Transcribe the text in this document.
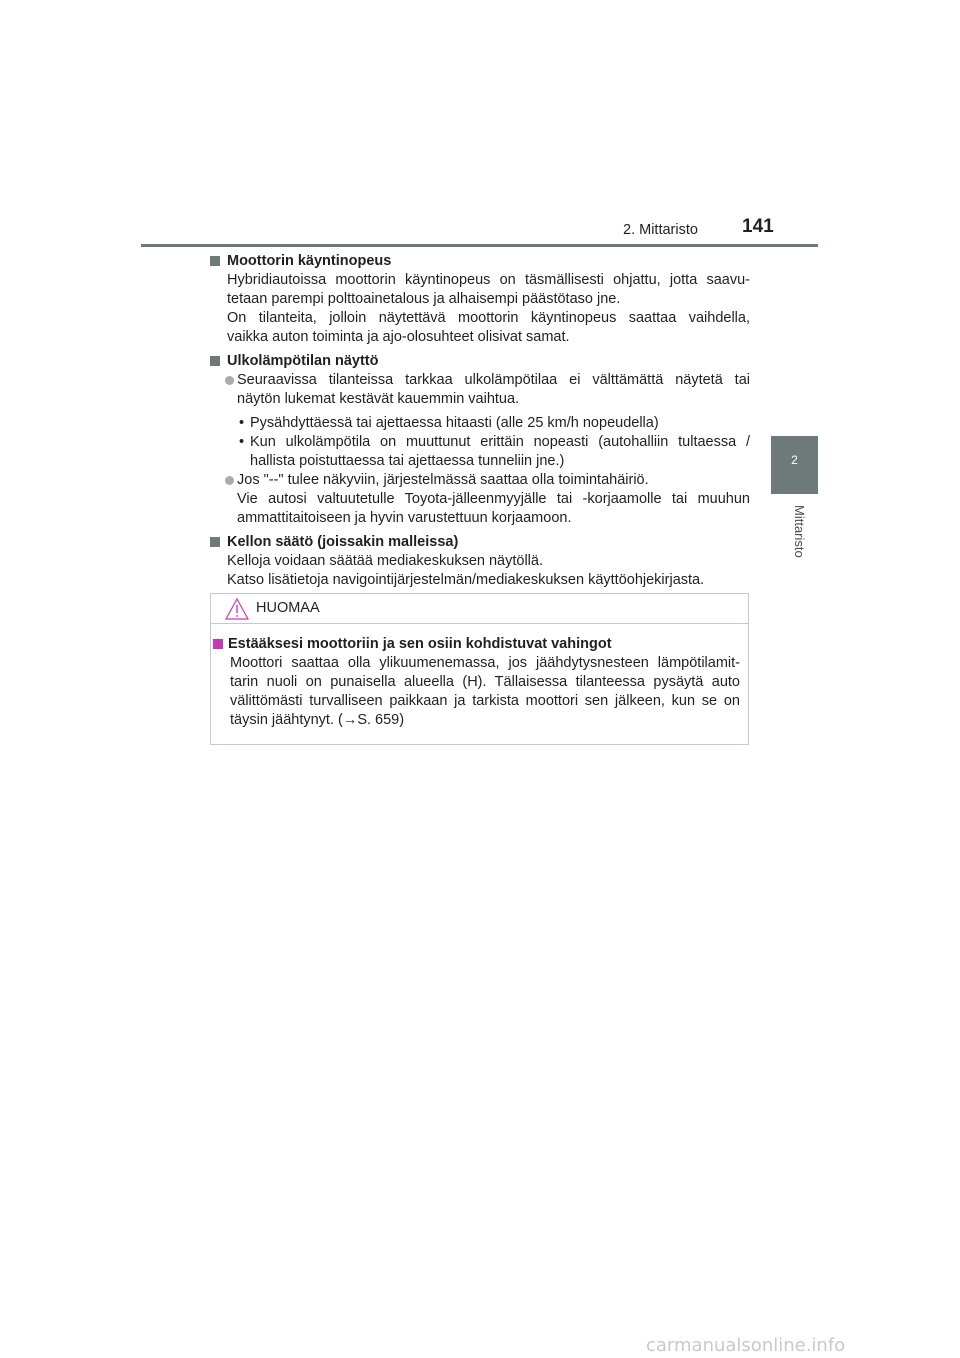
2. Mittaristo 141
2
Mittaristo

Moottorin käyntinopeus

Hybridiautoissa moottorin käyntinopeus on täsmällisesti ohjattu, jotta saavu-
tetaan parempi polttoainetalous ja alhaisempi päästötaso jne.
On tilanteita, jolloin näytettävä moottorin käyntinopeus saattaa vaihdella,
vaikka auton toiminta ja ajo-olosuhteet olisivat samat.

Ulkolämpötilan näyttö

Seuraavissa tilanteissa tarkkaa ulkolämpötilaa ei välttämättä näytetä tai
näytön lukemat kestävät kauemmin vaihtua.
• Pysähdyttäessä tai ajettaessa hitaasti (alle 25 km/h nopeudella)
• Kun ulkolämpötila on muuttunut erittäin nopeasti (autohalliin tultaessa /
hallista poistuttaessa tai ajettaessa tunneliin jne.)
Jos "--" tulee näkyviin, järjestelmässä saattaa olla toimintahäiriö.
Vie autosi valtuutetulle Toyota-jälleenmyyjälle tai -korjaamolle tai muuhun
ammattitaitoiseen ja hyvin varustettuun korjaamoon.

Kellon säätö (joissakin malleissa)

Kelloja voidaan säätää mediakeskuksen näytöllä.
Katso lisätietoja navigointijärjestelmän/mediakeskuksen käyttöohjekirjasta.
HUOMAA

Estääksesi moottoriin ja sen osiin kohdistuvat vahingot

Moottori saattaa olla ylikuumenemassa, jos jäähdytysnesteen lämpötilamit-
tarin nuoli on punaisella alueella (H). Tällaisessa tilanteessa pysäytä auto
välittömästi turvalliseen paikkaan ja tarkista moottori sen jälkeen, kun se on
täysin jäähtynyt. (→S. 659)
carmanualsonline.info
